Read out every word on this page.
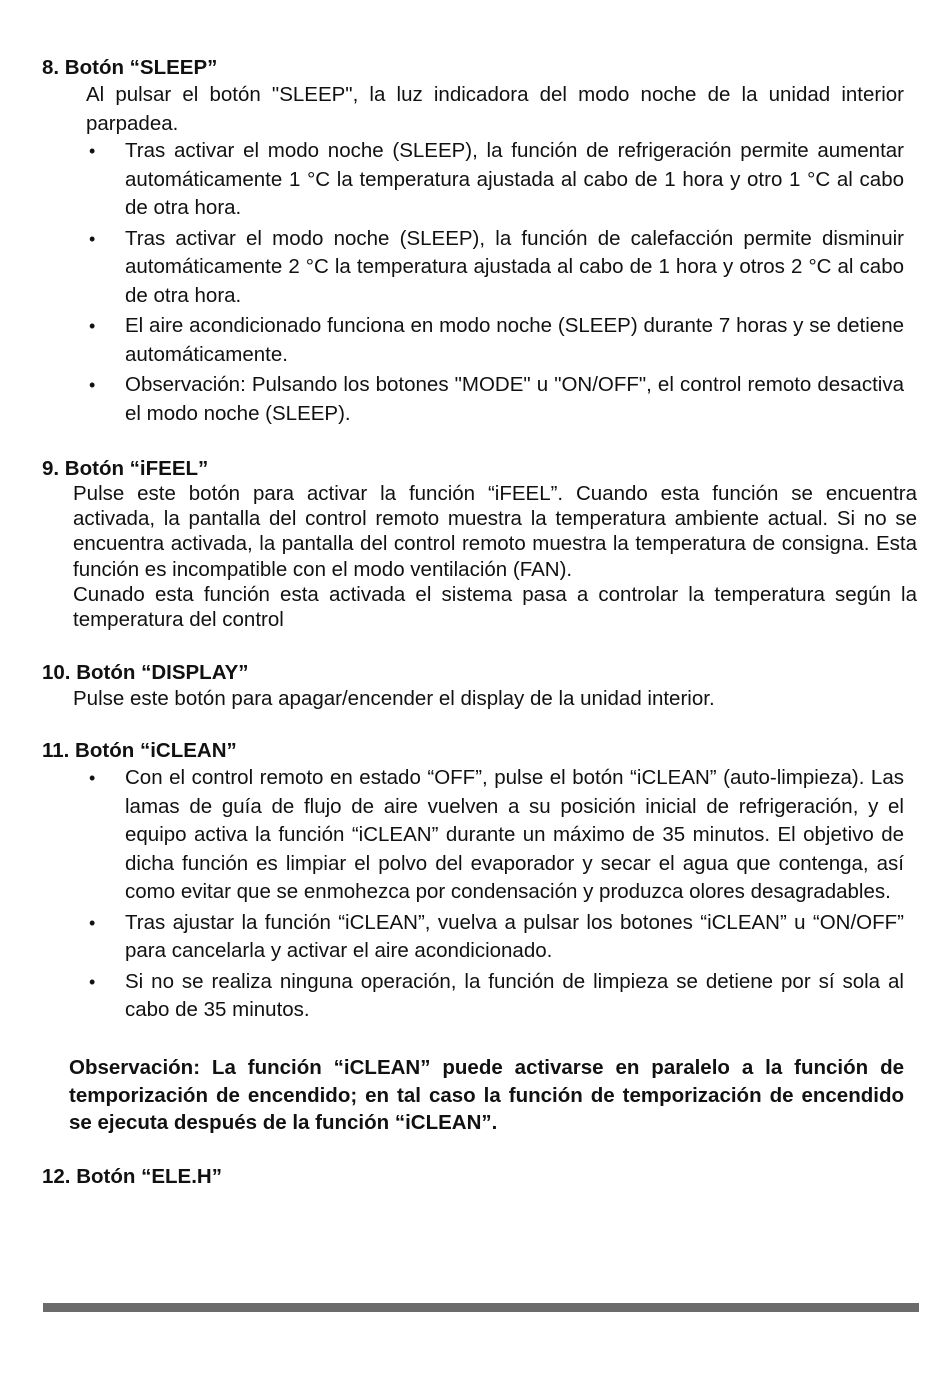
8. Botón “SLEEP”

Al pulsar el botón "SLEEP", la luz indicadora del modo noche de la unidad interior parpadea.

• Tras activar el modo noche (SLEEP), la función de refrigeración permite aumentar automáticamente 1 °C la temperatura ajustada al cabo de 1 hora y otro 1 °C al cabo de otra hora.
• Tras activar el modo noche (SLEEP), la función de calefacción permite disminuir automáticamente 2 °C la temperatura ajustada al cabo de 1 hora y otros 2 °C al cabo de otra hora.
• El aire acondicionado funciona en modo noche (SLEEP) durante 7 horas y se detiene automáticamente.
• Observación: Pulsando los botones "MODE" u "ON/OFF", el control remoto desactiva el modo noche (SLEEP).
9. Botón “iFEEL”

Pulse este botón para activar la función “iFEEL”. Cuando esta función se encuentra activada, la pantalla del control remoto muestra la temperatura ambiente actual. Si no se encuentra activada, la pantalla del control remoto muestra la temperatura de consigna. Esta función es incompatible con el modo ventilación (FAN).

Cunado esta función esta activada el sistema pasa a controlar la temperatura según la temperatura del control

10. Botón “DISPLAY”

Pulse este botón para apagar/encender el display de la unidad interior.

11. Botón “iCLEAN”
• Con el control remoto en estado “OFF”, pulse el botón “iCLEAN” (auto-limpieza). Las lamas de guía de flujo de aire vuelven a su posición inicial de refrigeración, y el equipo activa la función “iCLEAN” durante un máximo de 35 minutos. El objetivo de dicha función es limpiar el polvo del evaporador y secar el agua que contenga, así como evitar que se enmohezca por condensación y produzca olores desagradables.
• Tras ajustar la función “iCLEAN”, vuelva a pulsar los botones “iCLEAN” u “ON/OFF” para cancelarla y activar el aire acondicionado.
• Si no se realiza ninguna operación, la función de limpieza se detiene por sí sola al cabo de 35 minutos.

Observación: La función “iCLEAN” puede activarse en paralelo a la función de temporización de encendido; en tal caso la función de temporización de encendido se ejecuta después de la función “iCLEAN”.

12. Botón “ELE.H”
